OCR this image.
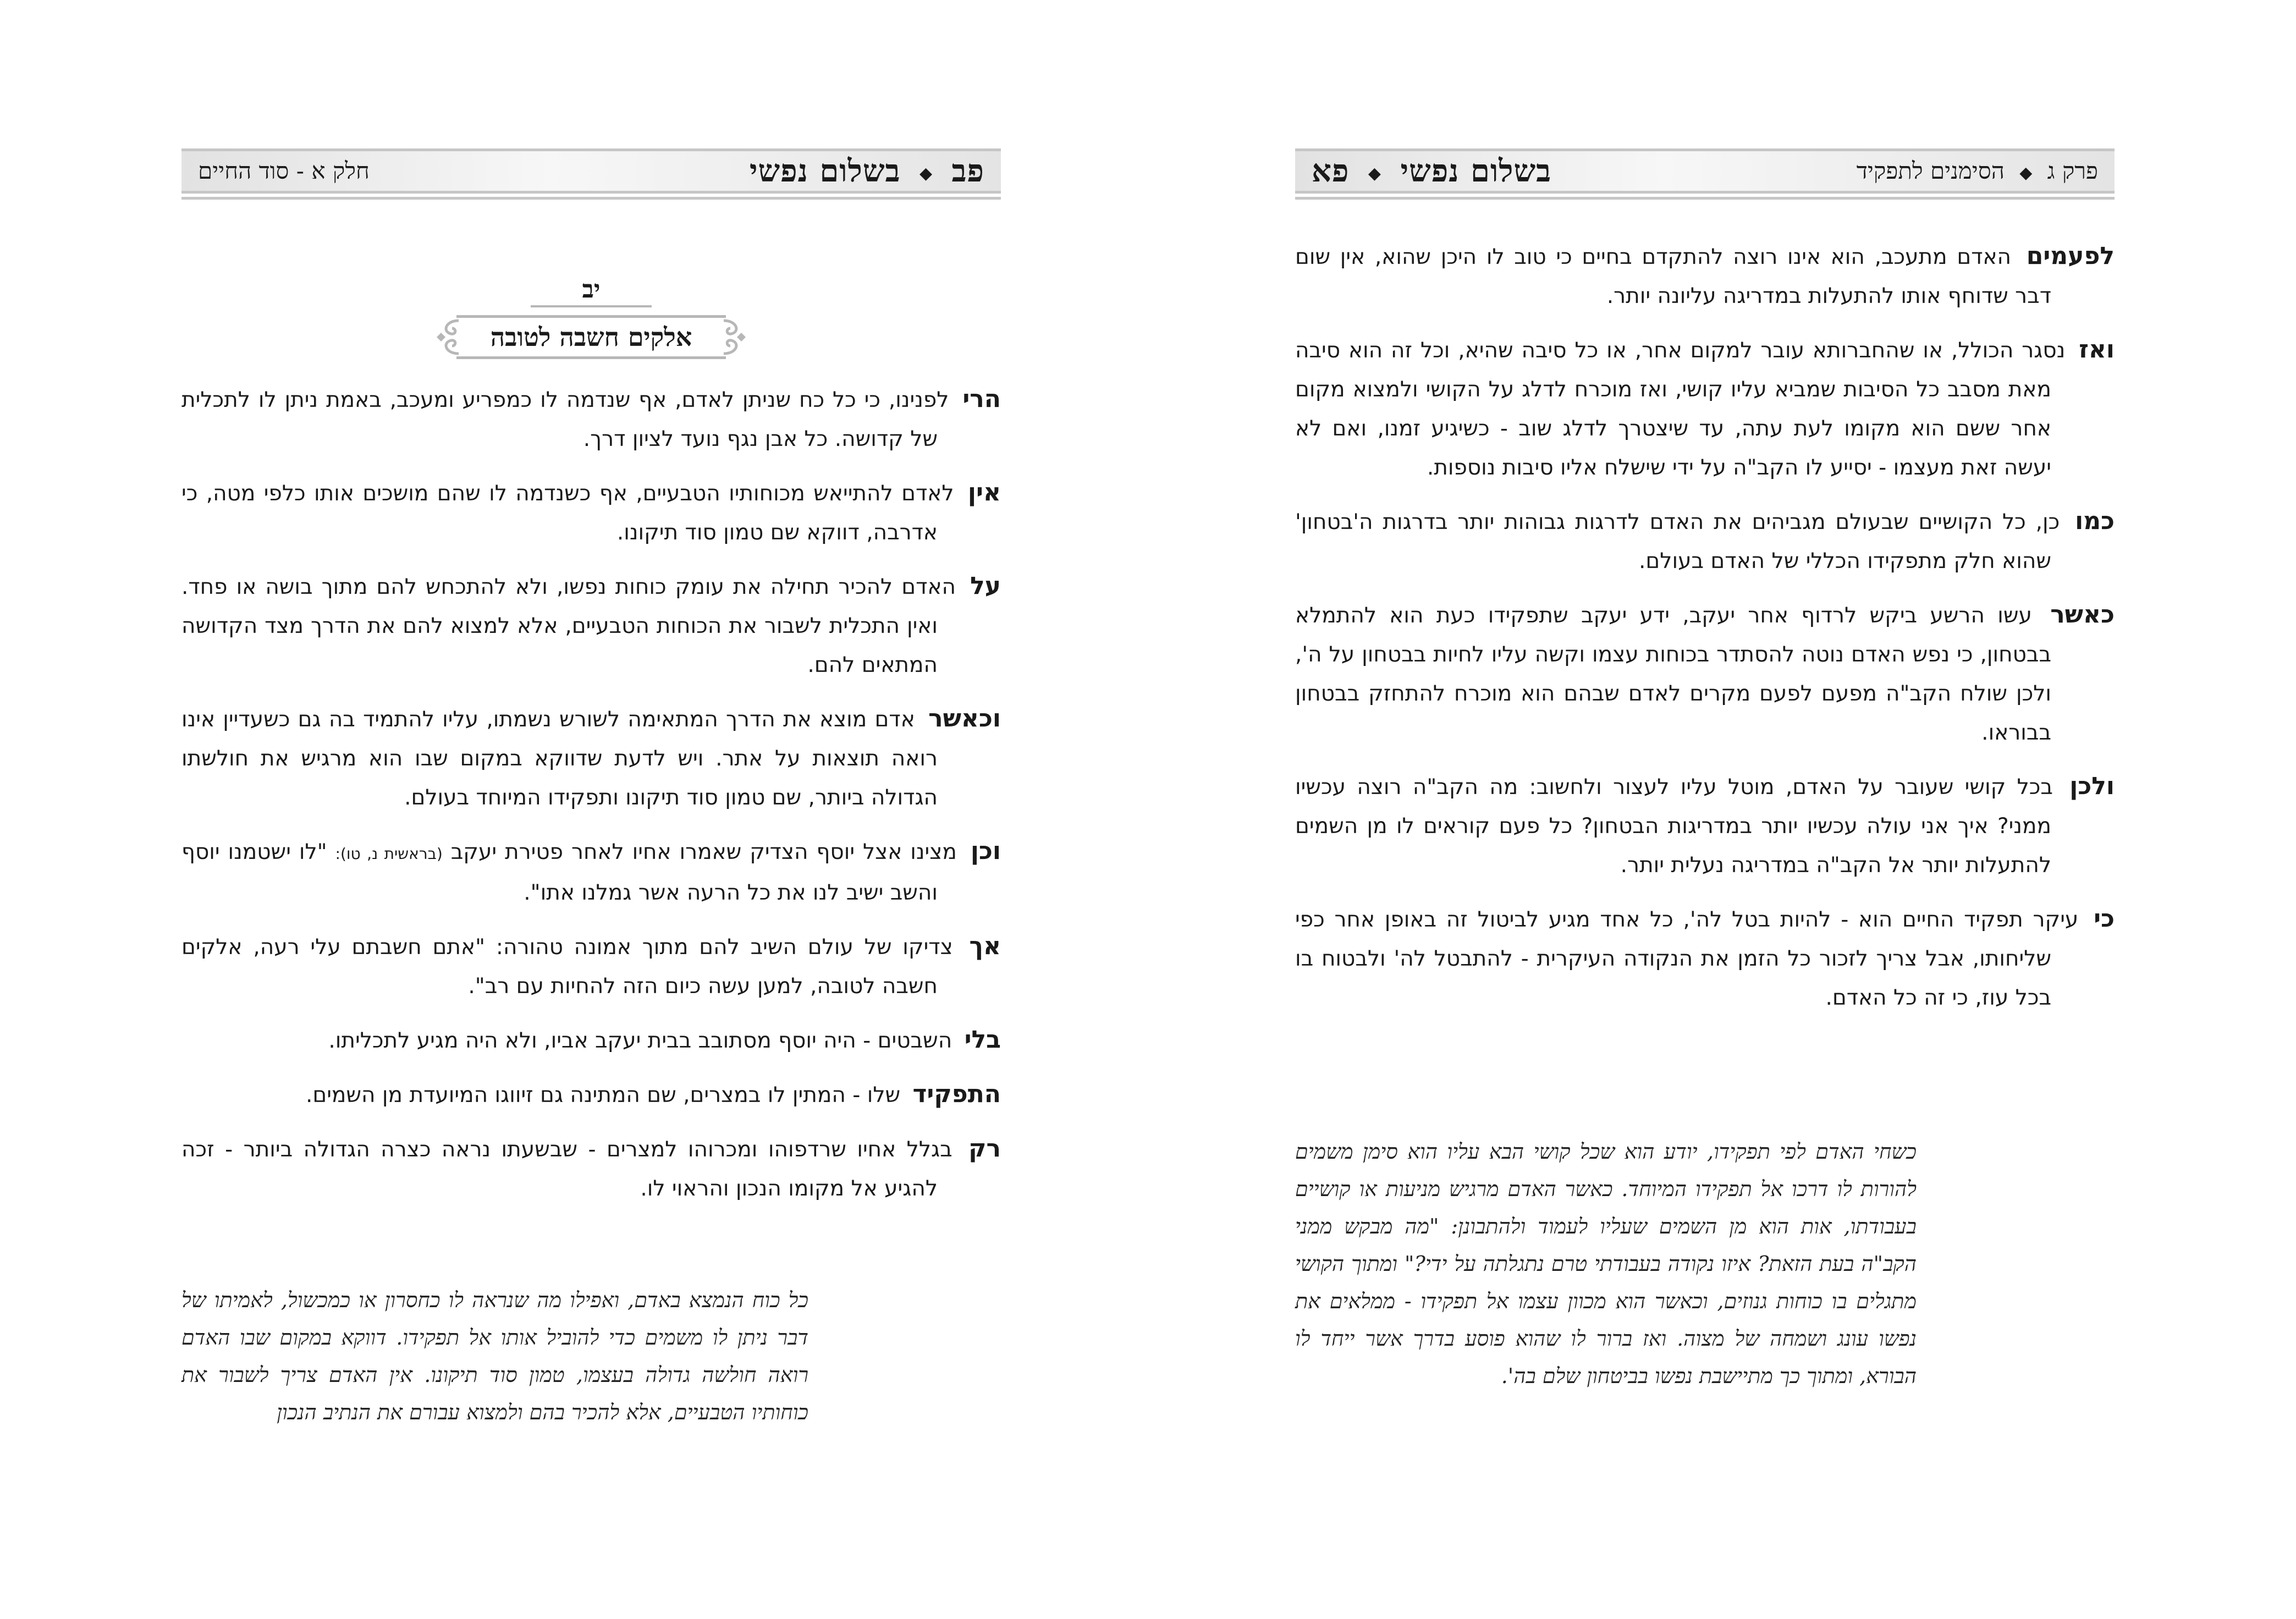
פב ◆ בשלום נפשי
חלק א - סוד החיים
יב
אלקים חשבה לטובה

הרי לפנינו, כי כל כח שניתן לאדם, אף שנדמה לו כמפריע ומעכב, באמת ניתן לו לתכלית של קדושה. כל אבן נגף נועד לציון דרך.

אין לאדם להתייאש מכוחותיו הטבעיים, אף כשנדמה לו שהם מושכים אותו כלפי מטה, כי אדרבה, דווקא שם טמון סוד תיקונו.

על האדם להכיר תחילה את עומק כוחות נפשו, ולא להתכחש להם מתוך בושה או פחד. ואין התכלית לשבור את הכוחות הטבעיים, אלא למצוא להם את הדרך מצד הקדושה המתאים להם.

וכאשר אדם מוצא את הדרך המתאימה לשורש נשמתו, עליו להתמיד בה גם כשעדיין אינו רואה תוצאות על אתר. ויש לדעת שדווקא במקום שבו הוא מרגיש את חולשתו הגדולה ביותר, שם טמון סוד תיקונו ותפקידו המיוחד בעולם.

וכן מצינו אצל יוסף הצדיק שאמרו אחיו לאחר פטירת יעקב (בראשית נ, טו): "לו ישטמנו יוסף והשב ישיב לנו את כל הרעה אשר גמלנו אתו".

אך צדיקו של עולם השיב להם מתוך אמונה טהורה: "אתם חשבתם עלי רעה, אלקים חשבה לטובה, למען עשה כיום הזה להחיות עם רב".

בלי השבטים - היה יוסף מסתובב בבית יעקב אביו, ולא היה מגיע לתכליתו.

התפקיד שלו - המתין לו במצרים, שם המתינה גם זיווגו המיועדת מן השמים.

רק בגלל אחיו שרדפוהו ומכרוהו למצרים - שבשעתו נראה כצרה הגדולה ביותר - זכה להגיע אל מקומו הנכון והראוי לו.

כל כוח הנמצא באדם, ואפילו מה שנראה לו כחסרון או כמכשול, לאמיתו של דבר ניתן לו משמים כדי להוביל אותו אל תפקידו. דווקא במקום שבו האדם רואה חולשה גדולה בעצמו, טמון סוד תיקונו. אין האדם צריך לשבור את כוחותיו הטבעיים, אלא להכיר בהם ולמצוא עבורם את הנתיב הנכון
פרק ג ◆ הסימנים לתפקיד
בשלום נפשי ◆ פא

לפעמים האדם מתעכב, הוא אינו רוצה להתקדם בחיים כי טוב לו היכן שהוא, אין שום דבר שדוחף אותו להתעלות במדריגה עליונה יותר.

ואז נסגר הכולל, או שהחברותא עובר למקום אחר, או כל סיבה שהיא, וכל זה הוא סיבה מאת מסבב כל הסיבות שמביא עליו קושי, ואז מוכרח לדלג על הקושי ולמצוא מקום אחר ששם הוא מקומו לעת עתה, עד שיצטרך לדלג שוב - כשיגיע זמנו, ואם לא יעשה זאת מעצמו - יסייע לו הקב"ה על ידי שישלח אליו סיבות נוספות.

כמו כן, כל הקושיים שבעולם מגביהים את האדם לדרגות גבוהות יותר בדרגות ה'בטחון' שהוא חלק מתפקידו הכללי של האדם בעולם.

כאשר עשו הרשע ביקש לרדוף אחר יעקב, ידע יעקב שתפקידו כעת הוא להתמלא בבטחון, כי נפש האדם נוטה להסתדר בכוחות עצמו וקשה עליו לחיות בבטחון על ה', ולכן שולח הקב"ה מפעם לפעם מקרים לאדם שבהם הוא מוכרח להתחזק בבטחון בבוראו.

ולכן בכל קושי שעובר על האדם, מוטל עליו לעצור ולחשוב: מה הקב"ה רוצה עכשיו ממני? איך אני עולה עכשיו יותר במדריגות הבטחון? כל פעם קוראים לו מן השמים להתעלות יותר אל הקב"ה במדריגה נעלית יותר.

כי עיקר תפקיד החיים הוא - להיות בטל לה', כל אחד מגיע לביטול זה באופן אחר כפי שליחותו, אבל צריך לזכור כל הזמן את הנקודה העיקרית - להתבטל לה' ולבטוח בו בכל עוז, כי זה כל האדם.

כשחי האדם לפי תפקידו, יודע הוא שכל קושי הבא עליו הוא סימן משמים להורות לו דרכו אל תפקידו המיוחד. כאשר האדם מרגיש מניעות או קושיים בעבודתו, אות הוא מן השמים שעליו לעמוד ולהתבונן: "מה מבקש ממני הקב"ה בעת הזאת? איזו נקודה בעבודתי טרם נתגלתה על ידי?" ומתוך הקושי מתגלים בו כוחות גנוזים, וכאשר הוא מכוון עצמו אל תפקידו - ממלאים את נפשו עונג ושמחה של מצוה. ואז ברור לו שהוא פוסע בדרך אשר ייחד לו הבורא, ומתוך כך מתיישבת נפשו בביטחון שלם בה'.
